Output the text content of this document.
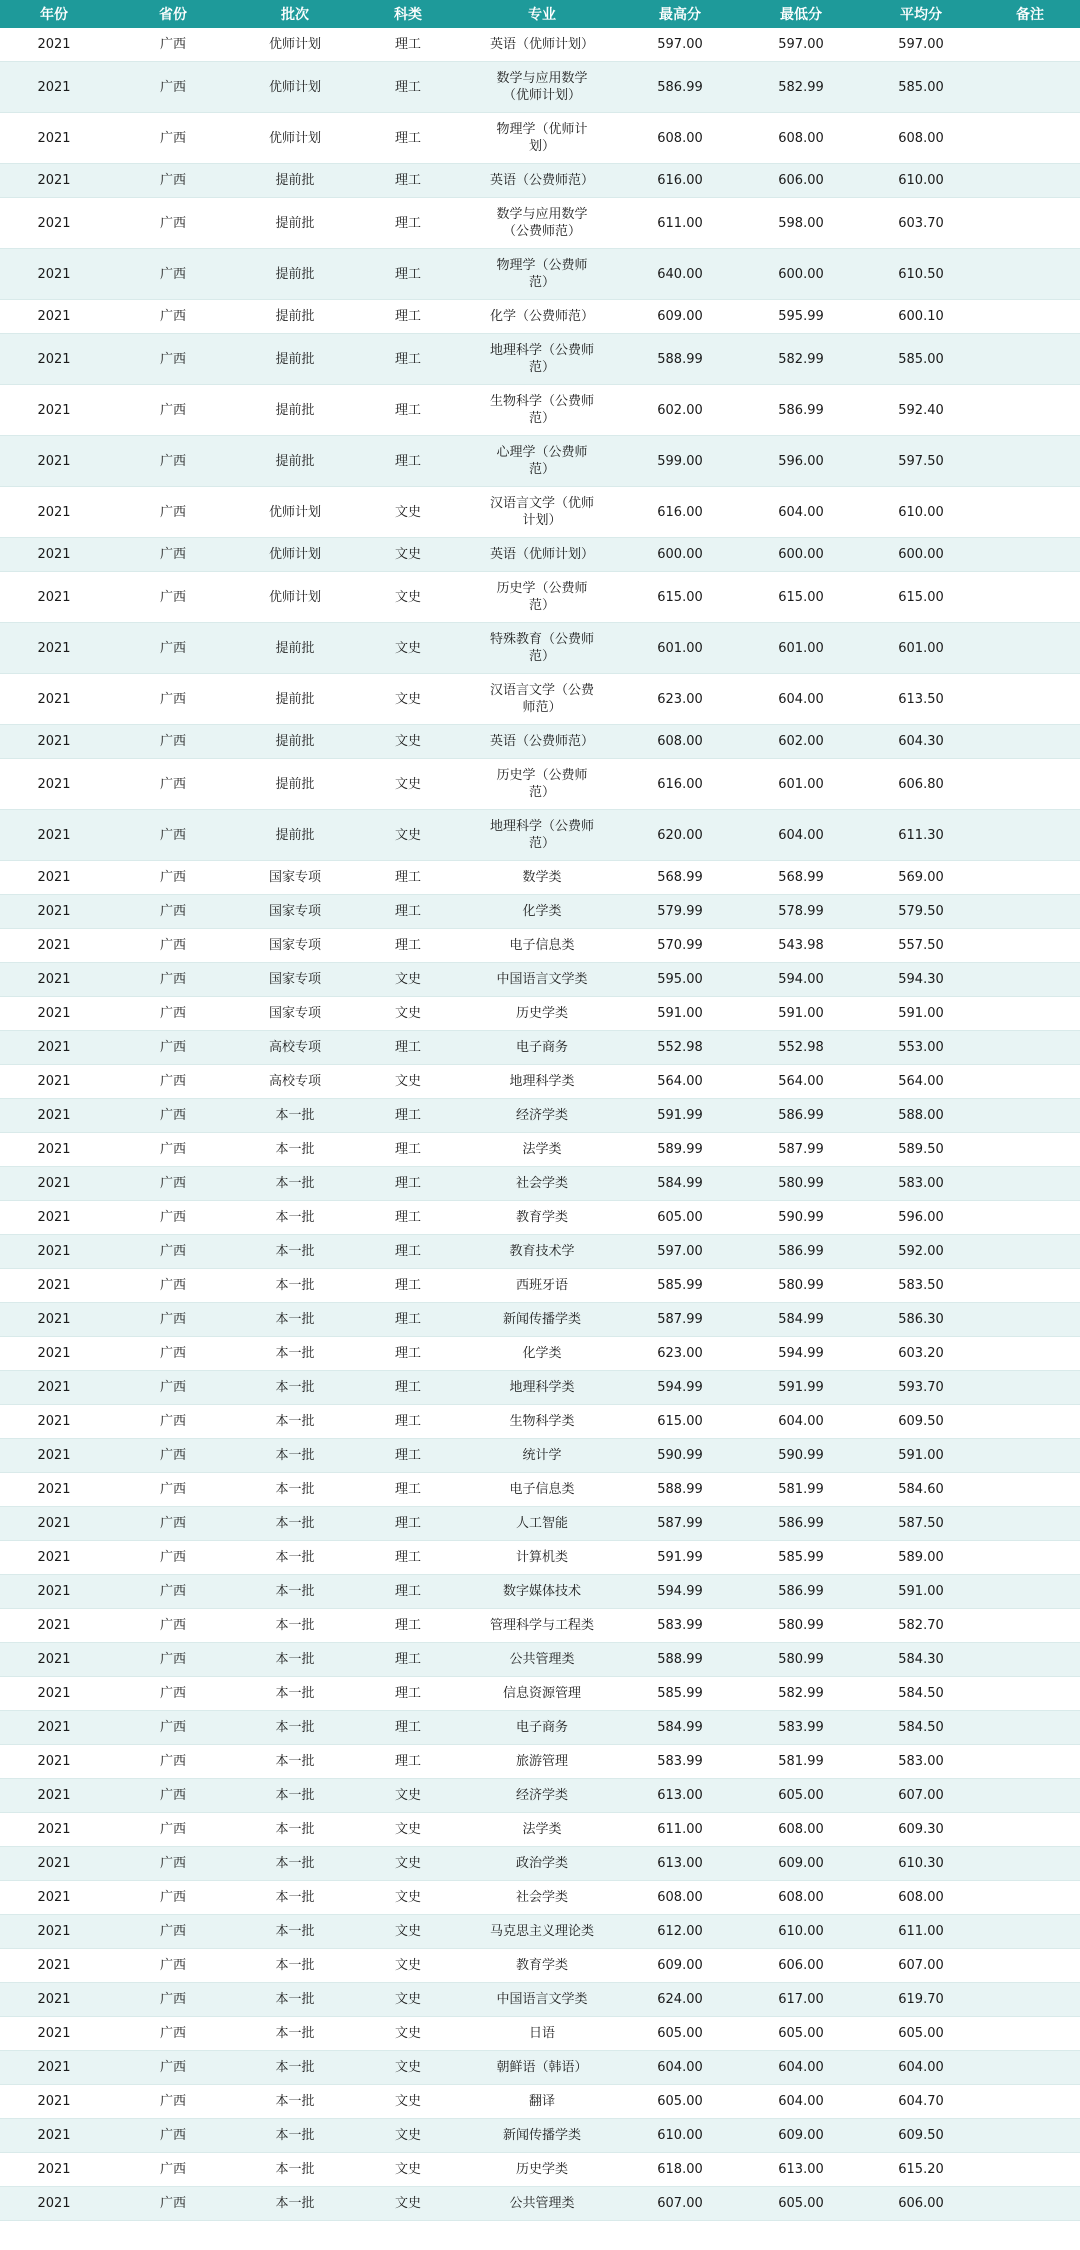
年份	省份	批次	科类	专业	最高分	最低分	平均分	备注
2021	广西	优师计划	理工	英语（优师计划）	597.00	597.00	597.00	
2021	广西	优师计划	理工	数学与应用数学（优师计划）	586.99	582.99	585.00	
2021	广西	优师计划	理工	物理学（优师计划）	608.00	608.00	608.00	
2021	广西	提前批	理工	英语（公费师范）	616.00	606.00	610.00	
2021	广西	提前批	理工	数学与应用数学（公费师范）	611.00	598.00	603.70	
2021	广西	提前批	理工	物理学（公费师范）	640.00	600.00	610.50	
2021	广西	提前批	理工	化学（公费师范）	609.00	595.99	600.10	
2021	广西	提前批	理工	地理科学（公费师范）	588.99	582.99	585.00	
2021	广西	提前批	理工	生物科学（公费师范）	602.00	586.99	592.40	
2021	广西	提前批	理工	心理学（公费师范）	599.00	596.00	597.50	
2021	广西	优师计划	文史	汉语言文学（优师计划）	616.00	604.00	610.00	
2021	广西	优师计划	文史	英语（优师计划）	600.00	600.00	600.00	
2021	广西	优师计划	文史	历史学（公费师范）	615.00	615.00	615.00	
2021	广西	提前批	文史	特殊教育（公费师范）	601.00	601.00	601.00	
2021	广西	提前批	文史	汉语言文学（公费师范）	623.00	604.00	613.50	
2021	广西	提前批	文史	英语（公费师范）	608.00	602.00	604.30	
2021	广西	提前批	文史	历史学（公费师范）	616.00	601.00	606.80	
2021	广西	提前批	文史	地理科学（公费师范）	620.00	604.00	611.30	
2021	广西	国家专项	理工	数学类	568.99	568.99	569.00	
2021	广西	国家专项	理工	化学类	579.99	578.99	579.50	
2021	广西	国家专项	理工	电子信息类	570.99	543.98	557.50	
2021	广西	国家专项	文史	中国语言文学类	595.00	594.00	594.30	
2021	广西	国家专项	文史	历史学类	591.00	591.00	591.00	
2021	广西	高校专项	理工	电子商务	552.98	552.98	553.00	
2021	广西	高校专项	文史	地理科学类	564.00	564.00	564.00	
2021	广西	本一批	理工	经济学类	591.99	586.99	588.00	
2021	广西	本一批	理工	法学类	589.99	587.99	589.50	
2021	广西	本一批	理工	社会学类	584.99	580.99	583.00	
2021	广西	本一批	理工	教育学类	605.00	590.99	596.00	
2021	广西	本一批	理工	教育技术学	597.00	586.99	592.00	
2021	广西	本一批	理工	西班牙语	585.99	580.99	583.50	
2021	广西	本一批	理工	新闻传播学类	587.99	584.99	586.30	
2021	广西	本一批	理工	化学类	623.00	594.99	603.20	
2021	广西	本一批	理工	地理科学类	594.99	591.99	593.70	
2021	广西	本一批	理工	生物科学类	615.00	604.00	609.50	
2021	广西	本一批	理工	统计学	590.99	590.99	591.00	
2021	广西	本一批	理工	电子信息类	588.99	581.99	584.60	
2021	广西	本一批	理工	人工智能	587.99	586.99	587.50	
2021	广西	本一批	理工	计算机类	591.99	585.99	589.00	
2021	广西	本一批	理工	数字媒体技术	594.99	586.99	591.00	
2021	广西	本一批	理工	管理科学与工程类	583.99	580.99	582.70	
2021	广西	本一批	理工	公共管理类	588.99	580.99	584.30	
2021	广西	本一批	理工	信息资源管理	585.99	582.99	584.50	
2021	广西	本一批	理工	电子商务	584.99	583.99	584.50	
2021	广西	本一批	理工	旅游管理	583.99	581.99	583.00	
2021	广西	本一批	文史	经济学类	613.00	605.00	607.00	
2021	广西	本一批	文史	法学类	611.00	608.00	609.30	
2021	广西	本一批	文史	政治学类	613.00	609.00	610.30	
2021	广西	本一批	文史	社会学类	608.00	608.00	608.00	
2021	广西	本一批	文史	马克思主义理论类	612.00	610.00	611.00	
2021	广西	本一批	文史	教育学类	609.00	606.00	607.00	
2021	广西	本一批	文史	中国语言文学类	624.00	617.00	619.70	
2021	广西	本一批	文史	日语	605.00	605.00	605.00	
2021	广西	本一批	文史	朝鲜语（韩语）	604.00	604.00	604.00	
2021	广西	本一批	文史	翻译	605.00	604.00	604.70	
2021	广西	本一批	文史	新闻传播学类	610.00	609.00	609.50	
2021	广西	本一批	文史	历史学类	618.00	613.00	615.20	
2021	广西	本一批	文史	公共管理类	607.00	605.00	606.00	
